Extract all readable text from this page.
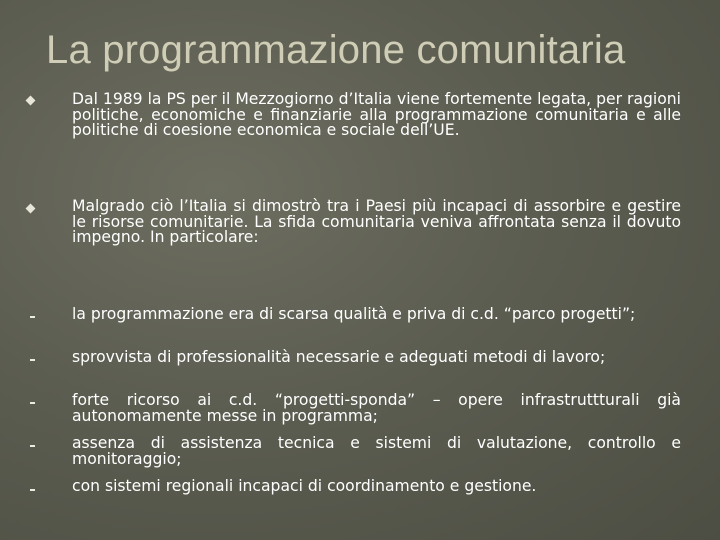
La programmazione comunitaria
Dal 1989 la PS per il Mezzogiorno d’Italia viene fortemente legata, per ragioni politiche, economiche e finanziarie alla programmazione comunitaria e alle politiche di coesione economica e sociale dell’UE.
Malgrado ciò l’Italia si dimostrò tra i Paesi più incapaci di assorbire e gestire le risorse comunitarie. La sfida comunitaria veniva affrontata senza il dovuto impegno. In particolare:
la programmazione era di scarsa qualità e priva di c.d. “parco progetti”;
sprovvista di professionalità necessarie e adeguati metodi di lavoro;
forte ricorso ai c.d. “progetti-sponda” – opere infrastruttturali già autonomamente messe in programma;
assenza di assistenza tecnica e sistemi di valutazione, controllo e monitoraggio;
con sistemi regionali incapaci di coordinamento e gestione.
